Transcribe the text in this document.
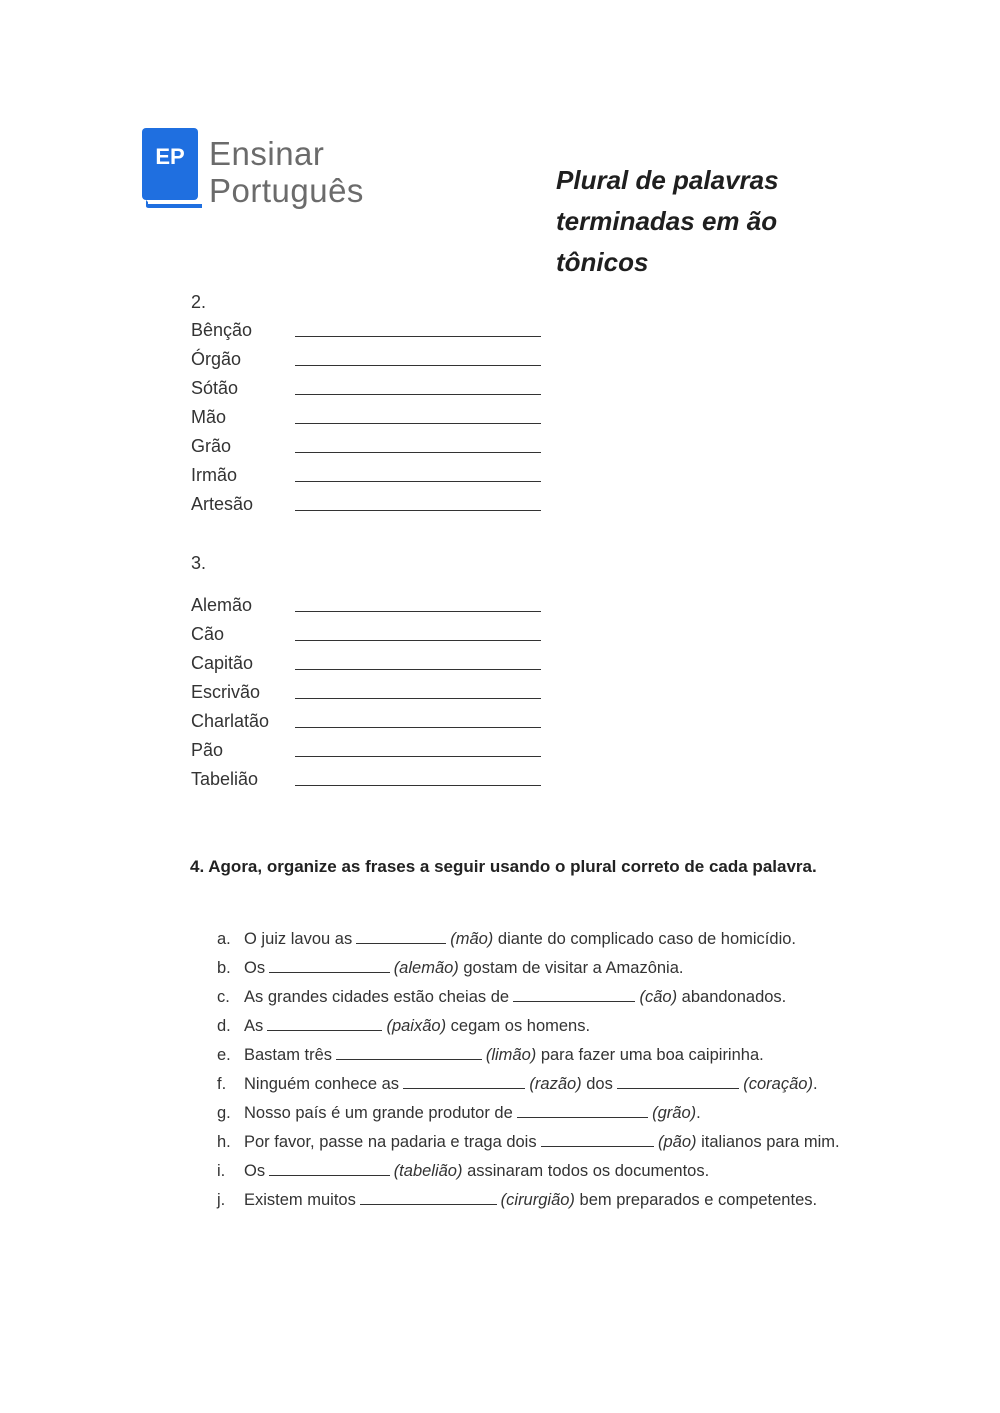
EP Ensinar
Português	Plural de palavras
terminadas em ão tônicos
2.
Bênção
Órgão
Sótão
Mão
Grão
Irmão
Artesão
3.
Alemão
Cão
Capitão
Escrivão
Charlatão
Pão
Tabelião
4. Agora, organize as frases a seguir usando o plural correto de cada palavra.
a. O juiz lavou as	(mão) diante do complicado caso de homicídio.
b. Os	(alemão) gostam de visitar a Amazônia.
c. As grandes cidades estão cheias de	(cão) abandonados.
d. As	(paixão) cegam os homens.
e. Bastam três	(limão) para fazer uma boa caipirinha.
f. Ninguém conhece as	(razão) dos	(coração).
g. Nosso país é um grande produtor de	(grão).
h. Por favor, passe na padaria e traga dois	(pão) italianos para mim.
i. Os	(tabelião) assinaram todos os documentos.
j. Existem muitos	(cirurgião) bem preparados e competentes.
